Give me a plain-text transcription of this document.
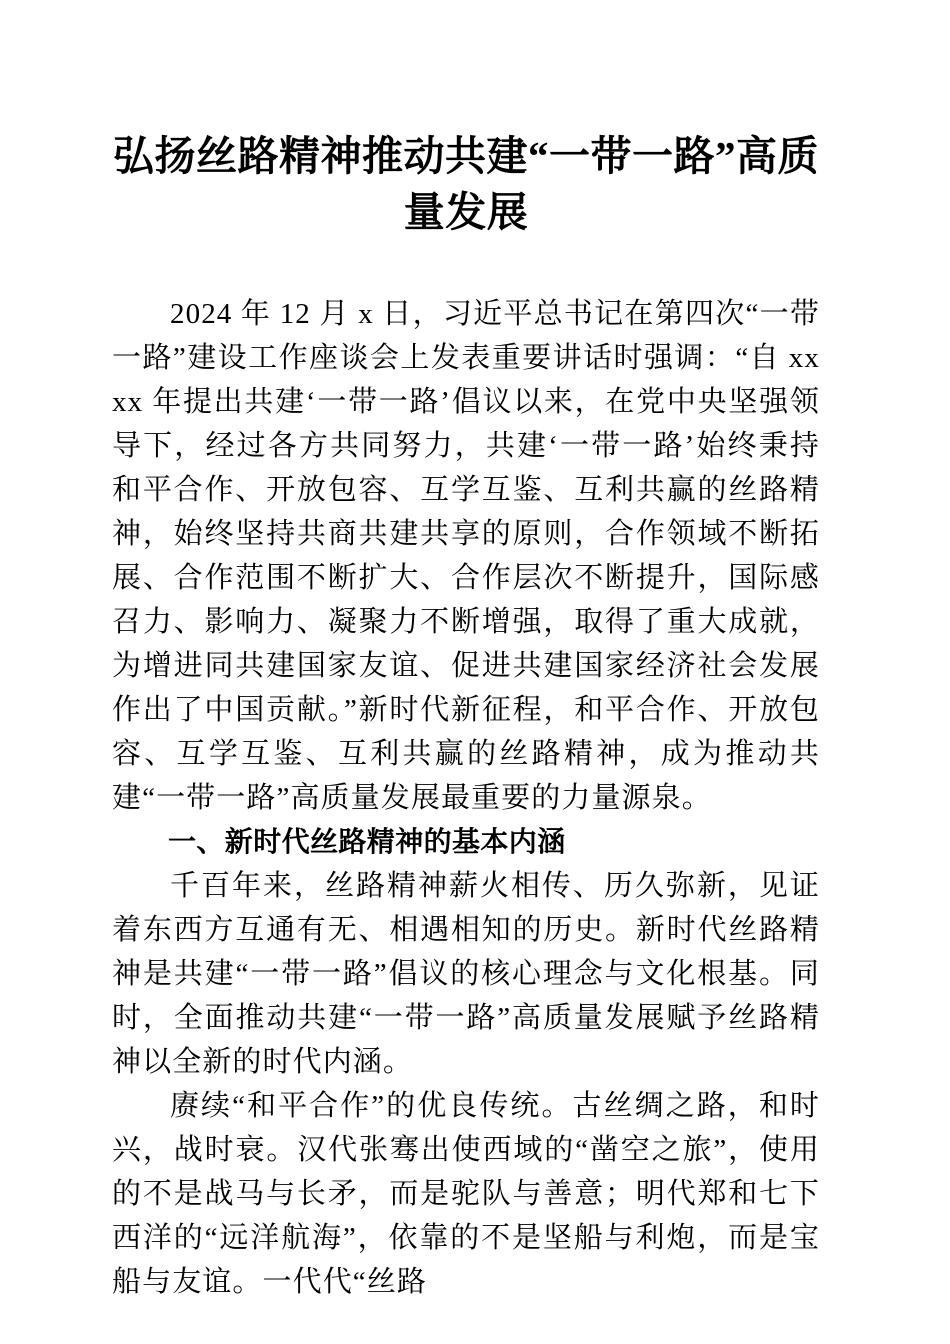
弘扬丝路精神推动共建“一带一路”高质量发展

2024 年 12 月 x 日，习近平总书记在第四次“一带一路”建设工作座谈会上发表重要讲话时强调：“自 xxxx 年提出共建‘一带一路’倡议以来，在党中央坚强领导下，经过各方共同努力，共建‘一带一路’始终秉持和平合作、开放包容、互学互鉴、互利共赢的丝路精神，始终坚持共商共建共享的原则，合作领域不断拓展、合作范围不断扩大、合作层次不断提升，国际感召力、影响力、凝聚力不断增强，取得了重大成就，为增进同共建国家友谊、促进共建国家经济社会发展作出了中国贡献。”新时代新征程，和平合作、开放包容、互学互鉴、互利共赢的丝路精神，成为推动共建“一带一路”高质量发展最重要的力量源泉。

一、新时代丝路精神的基本内涵

千百年来，丝路精神薪火相传、历久弥新，见证着东西方互通有无、相遇相知的历史。新时代丝路精神是共建“一带一路”倡议的核心理念与文化根基。同时，全面推动共建“一带一路”高质量发展赋予丝路精神以全新的时代内涵。

赓续“和平合作”的优良传统。古丝绸之路，和时兴，战时衰。汉代张骞出使西域的“凿空之旅”，使用的不是战马与长矛，而是驼队与善意；明代郑和七下西洋的“远洋航海”，依靠的不是坚船与利炮，而是宝船与友谊。一代代“丝路
